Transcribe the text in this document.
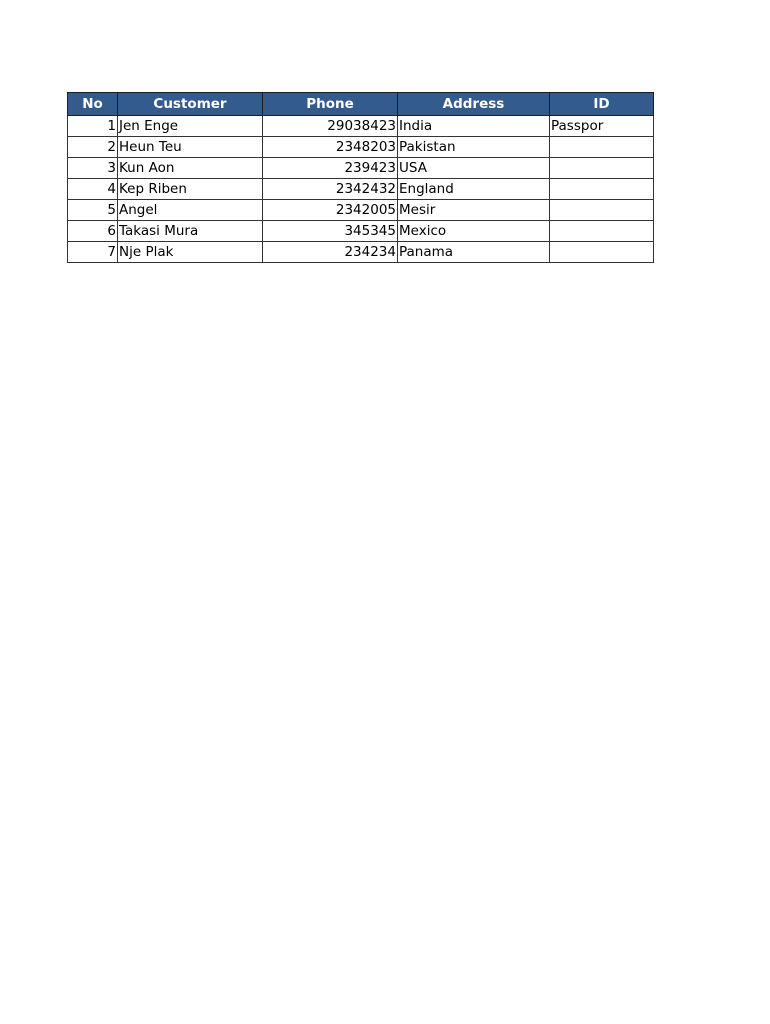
No	Customer	Phone	Address	ID
1	Jen Enge	29038423	India	Passpor
2	Heun Teu	2348203	Pakistan	
3	Kun Aon	239423	USA	
4	Kep Riben	2342432	England	
5	Angel	2342005	Mesir	
6	Takasi Mura	345345	Mexico	
7	Nje Plak	234234	Panama	
